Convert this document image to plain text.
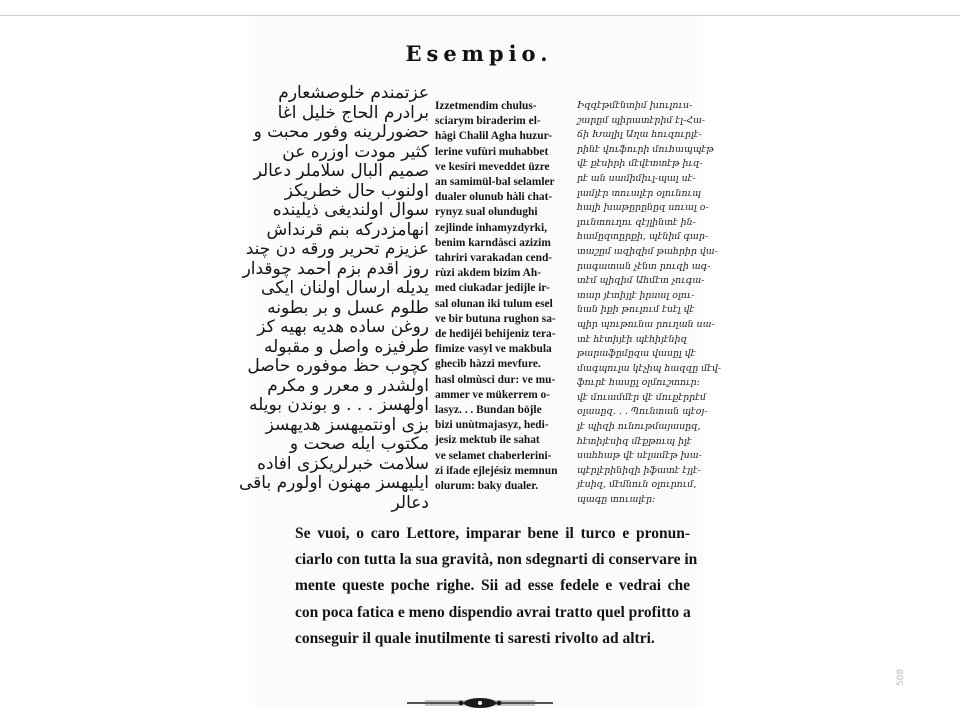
Esempio.
عزتمندم خلوصشعارم
برادرم الحاج خليل اغا
حضورلرينه وفور محبت و
كثير مودت اوزره عن
صميم البال سلاملر دعالر
اولنوب حال خطريكز
سوال اولنديغى ذيلينده
انهامزدركه بنم قرنداش
عزيزم تحرير ورقه دن چند
روز اقدم بزم احمد چوقدار
يديله ارسال اولنان ايكى
طلوم عسل و بر بطونه
روغن ساده هديه بهيه كز
طرفيزه واصل و مقبوله
كچوب حظ موفوره حاصل
اولشدر و معرر و مكرم
اولهسز . . . و بوندن بويله
بزى اونتميهسز هديهسز
مكتوب ايله صحت و
سلامت خبرلريكزى افاده
ايليهسز مهنون اولورم باقى
دعالر
Izzetmendim chulus-
sciarym biraderim el-
hàgi Chalil Agha huzur-
lerine vufùri muhabbet
ve kesíri meveddet üzre
an samimül-bal selamler
dualer olunub hàli chat-
rynyz sual olundughi
zejlinde inhamyzdyrki,
benim karndàsci azizim
tahriri varakadan cend-
rùzi akdem bizim Ah-
med ciukadar jedijle ir-
sal olunan iki tulum esel
ve bir butuna rughon sa-
de hedijéi behijeniz tera-
fimize vasyl ve makbula
ghecib hàzzi mevfure.
hasl olmùsci dur: ve mu-
ammer ve mükerrem o-
lasyz. . . Bundan böjle
bizi unùtmajasyz, hedi-
jesiz mektub ile sahat
ve selamet chaberlerini-
zi ifade ejlejésiz memnun
olurum: baky dualer.
Իզզէթմէնտիմ խուլուս-
շարըմ պիրատէրիմ էլ-Հա-
ճի Խալիլ Աղա հուզուրլէ-
րինէ վուֆուրի մուհապպէթ
վէ քէսիրի մէվէտտէթ իւզ-
րէ ան սամիմիւլ-պալ սէ-
լամլէր տուալէր օլունուպ
հալի խաթըրընըզ սուալ օ-
լունտուղու զէյլինտէ ին-
համըզտըրքի, պէնիմ գար-
տաշըմ ազիզիմ թահրիր վա-
րագատան չէնտ րուզի ագ-
տէմ պիզիմ Ահմէտ չուգա-
տար յէտիյլէ իրսալ օլու-
նան իքի թուլում էսէլ վէ
պիր պութունա րուղան սա-
տէ հէտիյէի պէհիյէնիզ
թարաֆըմըզա վասըլ վէ
մագպուլա կէչիպ հազզը մէվ-
ֆուրէ հասըլ օլմուշտուր:
վէ մուամմէր վէ մուքէրրէմ
օլասըզ. . . Պունտան պէօյ-
լէ պիզի ունութմայասըզ,
հէտիյէսիզ մէքթուպ իլէ
սահհաթ վէ սէլամէթ խա-
պէրլէրինիզի իֆատէ էյլէ-
յէսիզ, մէմնուն օլուրում,
պագը տուալէր:
Se vuoi, o caro Lettore, imparar bene il turco e pronun-
ciarlo con tutta la sua gravità, non sdegnarti di conservare in
mente queste poche righe. Sii ad esse fedele e vedrai che
con poca fatica e meno dispendio avrai tratto quel profitto a
conseguir il quale inutilmente ti saresti rivolto ad altri.
508
